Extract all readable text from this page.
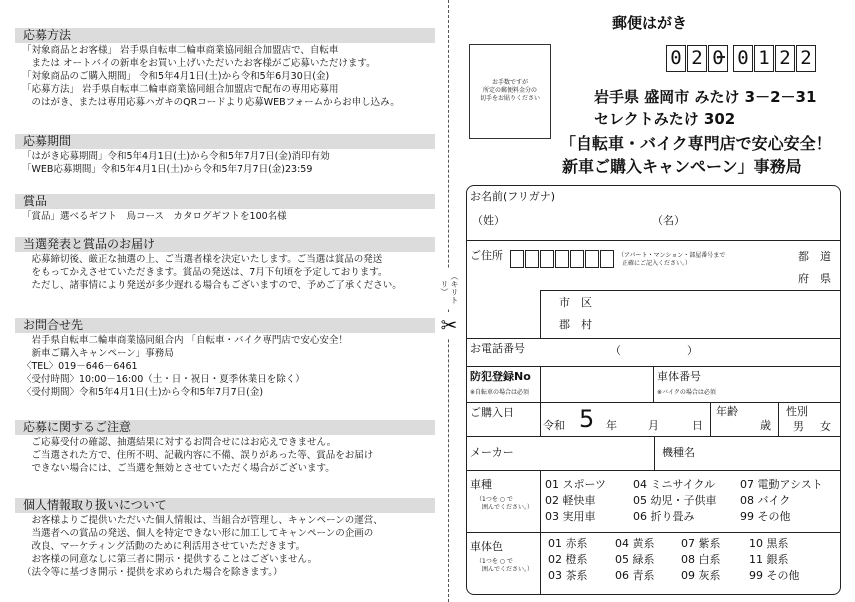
応募方法
「対象商品とお客様」 岩手県自転車二輪車商業協同組合加盟店で、自転車
　または オートバイの新車をお買い上げいただいたお客様がご応募いただけます。
「対象商品のご購入期間」 令和5年4月1日(土)から令和5年6月30日(金)
「応募方法」 岩手県自転車二輪車商業協同組合加盟店で配布の専用応募用
　のはがき、または専用応募ハガキのQRコードより応募WEBフォームからお申し込み。
応募期間
「はがき応募期間」令和5年4月1日(土)から令和5年7月7日(金)消印有効
「WEB応募期間」令和5年4月1日(土)から令和5年7月7日(金)23:59
賞品
「賞品」選べるギフト　鳥コース　カタログギフトを100名様
当選発表と賞品のお届け
　応募締切後、厳正な抽選の上、ご当選者様を決定いたします。ご当選は賞品の発送
　をもってかえさせていただきます。賞品の発送は、7月下旬頃を予定しております。
　ただし、諸事情により発送が多少遅れる場合もございますので、予めご了承ください。
お問合せ先
　岩手県自転車二輪車商業協同組合内 「自転車・バイク専門店で安心安全！
　新車ご購入キャンペーン」事務局
〈TEL〉019－646－6461
〈受付時間〉10:00－16:00（土・日・祝日・夏季休業日を除く）
〈受付期間〉令和5年4月1日(土)から令和5年7月7日(金)
応募に関するご注意
　ご応募受付の確認、抽選結果に対するお問合せにはお応えできません。
　ご当選された方で、住所不明、記載内容に不備、誤りがあった等、賞品をお届け
　できない場合には、ご当選を無効とさせていただく場合がございます。
個人情報取り扱いについて
　お客様よりご提供いただいた個人情報は、当組合が管理し、キャンペーンの運営、
　当選者への賞品の発送、個人を特定できない形に加工してキャンペーンの企画の
　改良、マーケティング活動のために利活用させていただきます。
　お客様の同意なしに第三者に開示・提供することはございません。
（法令等に基づき開示・提供を求められた場合を除きます。）
（キリトリ）
✂
郵便はがき
お手数ですが
所定の郵便料金分の
切手をお貼りください
0 2 0 0 1 2 2
岩手県 盛岡市 みたけ 3－2－31
セレクトみたけ 302
「自転車・バイク専門店で安心安全！
新車ご購入キャンペーン」事務局
お名前(フリガナ)
（姓）	（名）
ご住所	（アパート・マンション・部屋番号まで
正確にご記入ください。）
都　道
府　県
市　区
郡　村
お電話番号	（　　　　　　）
防犯登録No
※自転車の場合は必須
車体番号
※バイクの場合は必須
ご購入日
令和 5 年	月	日
年齢
歳
性別
男 女
メーカー	機種名
車種
（1つを ○ で
　囲んでください。）
01 スポーツ 04 ミニサイクル 07 電動アシスト
02 軽快車	05 幼児・子供車 08 バイク
03 実用車	06 折り畳み	99 その他
車体色
（1つを ○ で
　囲んでください。）
01 赤系	04 黄系 07 紫系	10 黒系
02 橙系	05 緑系 08 白系	11 銀系
03 茶系	06 青系 09 灰系	99 その他
